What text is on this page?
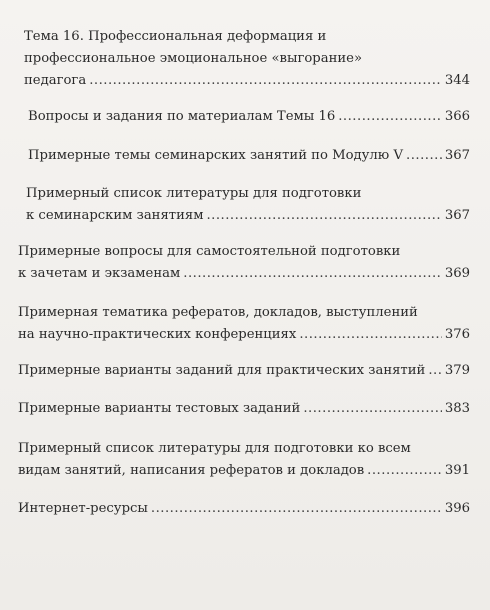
Тема 16. Профессиональная деформация и
профессиональное эмоциональное «выгорание»
педагога .....	344
Вопросы и задания по материалам Темы 16 .....	366
Примерные темы семинарских занятий по Модулю V .....	367
Примерный список литературы для подготовки
к семинарским занятиям .....	367
Примерные вопросы для самостоятельной подготовки
к зачетам и экзаменам .....	369
Примерная тематика рефератов, докладов, выступлений
на научно-практических конференциях .....	376
Примерные варианты заданий для практических занятий ..... 379
Примерные варианты тестовых заданий .....	383
Примерный список литературы для подготовки ко всем
видам занятий, написания рефератов и докладов .....	391
Интернет-ресурсы .....	396
